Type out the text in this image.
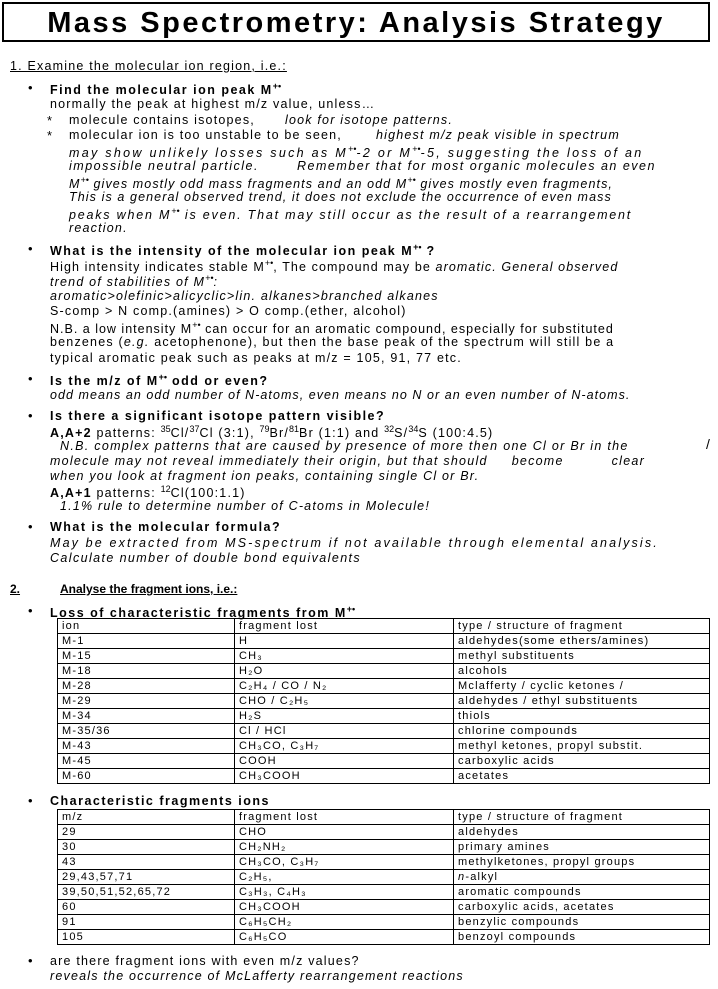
Mass Spectrometry: Analysis Strategy
1. Examine the molecular ion region, i.e.:
• Find the molecular ion peak M+•
normally the peak at highest m/z value, unless…
* molecule contains isotopes, look for isotope patterns.
* molecular ion is too unstable to be seen,	highest m/z peak visible in spectrum
may show unlikely losses such as M+•-2 or M+•-5, suggesting the loss of an
impossible neutral particle.	Remember that for most organic molecules an even
M+• gives mostly odd mass fragments and an odd M+• gives mostly even fragments,
This is a general observed trend, it does not exclude the occurrence of even mass
peaks when M+• is even. That may still occur as the result of a rearrangement
reaction.
• What is the intensity of the molecular ion peak M+• ?
High intensity indicates stable M+•, The compound may be aromatic. General observed
trend of stabilities of M+•:
aromatic>olefinic>alicyclic>lin. alkanes>branched alkanes
S-comp > N comp.(amines) > O comp.(ether, alcohol)
N.B. a low intensity M+• can occur for an aromatic compound, especially for substituted
benzenes (e.g. acetophenone), but then the base peak of the spectrum will still be a
typical aromatic peak such as peaks at m/z = 105, 91, 77 etc.
• Is the m/z of M+• odd or even?
odd means an odd number of N-atoms, even means no N or an even number of N-atoms.
• Is there a significant isotope pattern visible?
A,A+2 patterns: $^{35}$Cl/$^{37}$Cl (3:1), $^{79}$Br/$^{81}$Br (1:1) and $^{32}$S/$^{34}$S (100:4.5)
N.B. complex patterns that are caused by presence of more then one Cl or Br in the	/
molecule may not reveal immediately their origin, but that should become	clear
when you look at fragment ion peaks, containing single Cl or Br.
A,A+1 patterns: $^{12}$Cl(100:1.1)
1.1% rule to determine number of C-atoms in Molecule!
• What is the molecular formula?
May be extracted from MS-spectrum if not available through elemental analysis.
Calculate number of double bond equivalents
2.	Analyse the fragment ions, i.e.:
• Loss of characteristic fragments from M+•
ion	fragment lost	type / structure of fragment
M-1	H	aldehydes(some ethers/amines)
M-15	CH₃	methyl substituents
M-18	H₂O	alcohols
M-28	C₂H₄ / CO / N₂	Mclafferty / cyclic ketones /
M-29	CHO / C₂H₅	aldehydes / ethyl substituents
M-34	H₂S	thiols
M-35/36	Cl / HCl	chlorine compounds
M-43	CH₃CO, C₃H₇	methyl ketones, propyl substit.
M-45	COOH	carboxylic acids
M-60	CH₃COOH	acetates
• Characteristic fragments ions
m/z	fragment lost	type / structure of fragment
29	CHO	aldehydes
30	CH₂NH₂	primary amines
43	CH₃CO, C₃H₇	methylketones, propyl groups
29,43,57,71	C₂H₅,	n-alkyl
39,50,51,52,65,72	C₃H₃, C₄H₃	aromatic compounds
60	CH₃COOH	carboxylic acids, acetates
91	C₆H₅CH₂	benzylic compounds
105	C₆H₅CO	benzoyl compounds
• are there fragment ions with even m/z values?
reveals the occurrence of McLafferty rearrangement reactions
